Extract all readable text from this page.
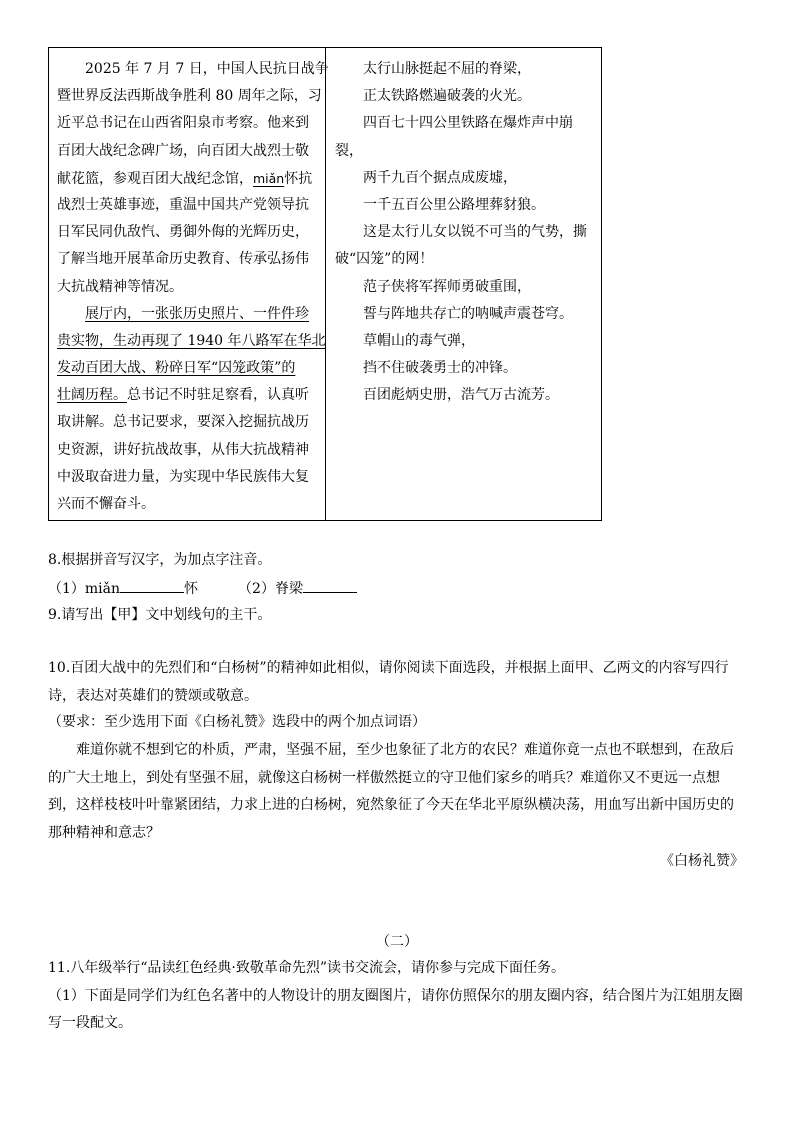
2025 年 7 月 7 日，中国人民抗日战争
暨世界反法西斯战争胜利 80 周年之际，习
近平总书记在山西省阳泉市考察。他来到
百团大战纪念碑广场，向百团大战烈士敬
献花篮，参观百团大战纪念馆，miǎn怀抗
战烈士英雄事迹，重温中国共产党领导抗
日军民同仇敌忾、勇御外侮的光辉历史，
了解当地开展革命历史教育、传承弘扬伟
大抗战精神等情况。
展厅内，一张张历史照片、一件件珍
贵实物，生动再现了 1940 年八路军在华北
发动百团大战、粉碎日军“囚笼政策”的
壮阔历程。总书记不时驻足察看，认真听
取讲解。总书记要求，要深入挖掘抗战历
史资源，讲好抗战故事，从伟大抗战精神
中汲取奋进力量，为实现中华民族伟大复
兴而不懈奋斗。
太行山脉挺起不屈的脊梁，
正太铁路燃遍破袭的火光。
四百七十四公里铁路在爆炸声中崩
裂，
两千九百个据点成废墟，
一千五百公里公路埋葬豺狼。
这是太行儿女以锐不可当的气势，撕
破“囚笼”的网！
范子侠将军挥师勇破重围，
誓与阵地共存亡的呐喊声震苍穹。
草帽山的毒气弹，
挡不住破袭勇士的冲锋。
百团彪炳史册，浩气万古流芳。
8.根据拼音写汉字，为加点字注音。
（1）miǎn	怀	（2）脊梁
9.请写出【甲】文中划线句的主干。
10.百团大战中的先烈们和“白杨树”的精神如此相似，请你阅读下面选段，并根据上面甲、乙两文的内容写四行
诗，表达对英雄们的赞颂或敬意。
（要求：至少选用下面《白杨礼赞》选段中的两个加点词语）
难道你就不想到它的朴质，严肃，坚强不屈，至少也象征了北方的农民？难道你竟一点也不联想到，在敌后
的广大土地上，到处有坚强不屈，就像这白杨树一样傲然挺立的守卫他们家乡的哨兵？难道你又不更远一点想
到，这样枝枝叶叶靠紧团结，力求上进的白杨树，宛然象征了今天在华北平原纵横决荡，用血写出新中国历史的
那种精神和意志？
《白杨礼赞》
（二）
11.八年级举行“品读红色经典·致敬革命先烈”读书交流会，请你参与完成下面任务。
（1）下面是同学们为红色名著中的人物设计的朋友圈图片，请你仿照保尔的朋友圈内容，结合图片为江姐朋友圈
写一段配文。
